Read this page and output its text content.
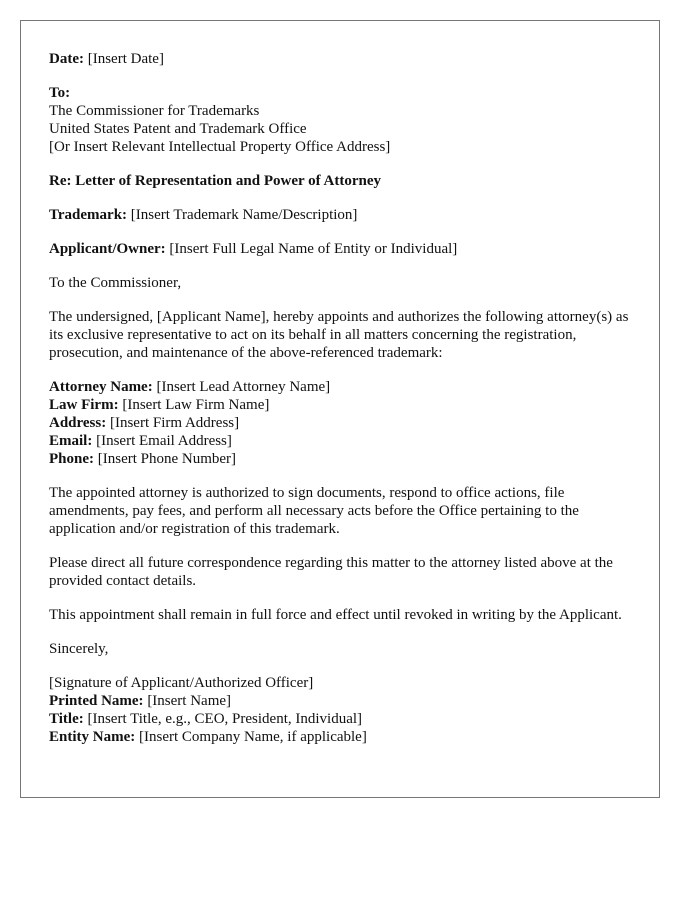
Date: [Insert Date]

To:
The Commissioner for Trademarks
United States Patent and Trademark Office
[Or Insert Relevant Intellectual Property Office Address]

Re: Letter of Representation and Power of Attorney

Trademark: [Insert Trademark Name/Description]

Applicant/Owner: [Insert Full Legal Name of Entity or Individual]

To the Commissioner,

The undersigned, [Applicant Name], hereby appoints and authorizes the following attorney(s) as its exclusive representative to act on its behalf in all matters concerning the registration, prosecution, and maintenance of the above-referenced trademark:

Attorney Name: [Insert Lead Attorney Name]
Law Firm: [Insert Law Firm Name]
Address: [Insert Firm Address]
Email: [Insert Email Address]
Phone: [Insert Phone Number]

The appointed attorney is authorized to sign documents, respond to office actions, file amendments, pay fees, and perform all necessary acts before the Office pertaining to the application and/or registration of this trademark.

Please direct all future correspondence regarding this matter to the attorney listed above at the provided contact details.

This appointment shall remain in full force and effect until revoked in writing by the Applicant.

Sincerely,

[Signature of Applicant/Authorized Officer]
Printed Name: [Insert Name]
Title: [Insert Title, e.g., CEO, President, Individual]
Entity Name: [Insert Company Name, if applicable]
